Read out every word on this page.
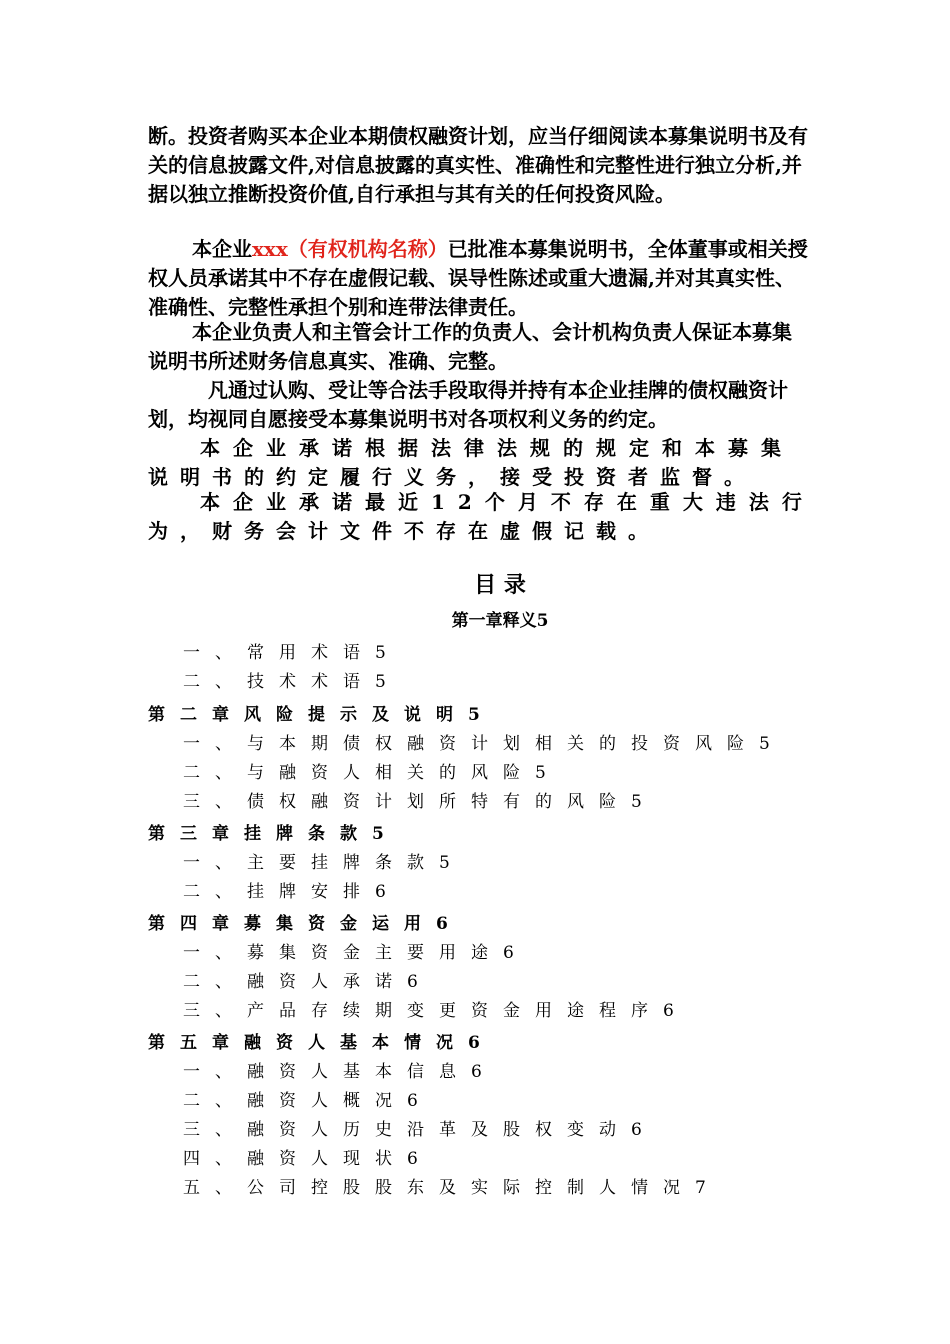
断。投资者购买本企业本期债权融资计划，应当仔细阅读本募集说明书及有关的信息披露文件,对信息披露的真实性、准确性和完整性进行独立分析,并据以独立推断投资价值,自行承担与其有关的任何投资风险。
本企业xxx（有权机构名称）已批准本募集说明书，全体董事或相关授权人员承诺其中不存在虚假记载、误导性陈述或重大遗漏,并对其真实性、准确性、完整性承担个别和连带法律责任。
本企业负责人和主管会计工作的负责人、会计机构负责人保证本募集说明书所述财务信息真实、准确、完整。
凡通过认购、受让等合法手段取得并持有本企业挂牌的债权融资计划，均视同自愿接受本募集说明书对各项权利义务的约定。
本企业承诺根据法律法规的规定和本募集
说明书的约定履行义务，接受投资者监督。
本企业承诺最近12个月不存在重大违法行
为，财务会计文件不存在虚假记载。
目 录
第一章释义5
一、常用术语5
二、技术术语5
第二章风险提示及说明5
一、与本期债权融资计划相关的投资风险5
二、与融资人相关的风险5
三、债权融资计划所特有的风险5
第三章挂牌条款5
一、主要挂牌条款5
二、挂牌安排6
第四章募集资金运用6
一、募集资金主要用途6
二、融资人承诺6
三、产品存续期变更资金用途程序6
第五章融资人基本情况6
一、融资人基本信息6
二、融资人概况6
三、融资人历史沿革及股权变动6
四、融资人现状6
五、公司控股股东及实际控制人情况7
